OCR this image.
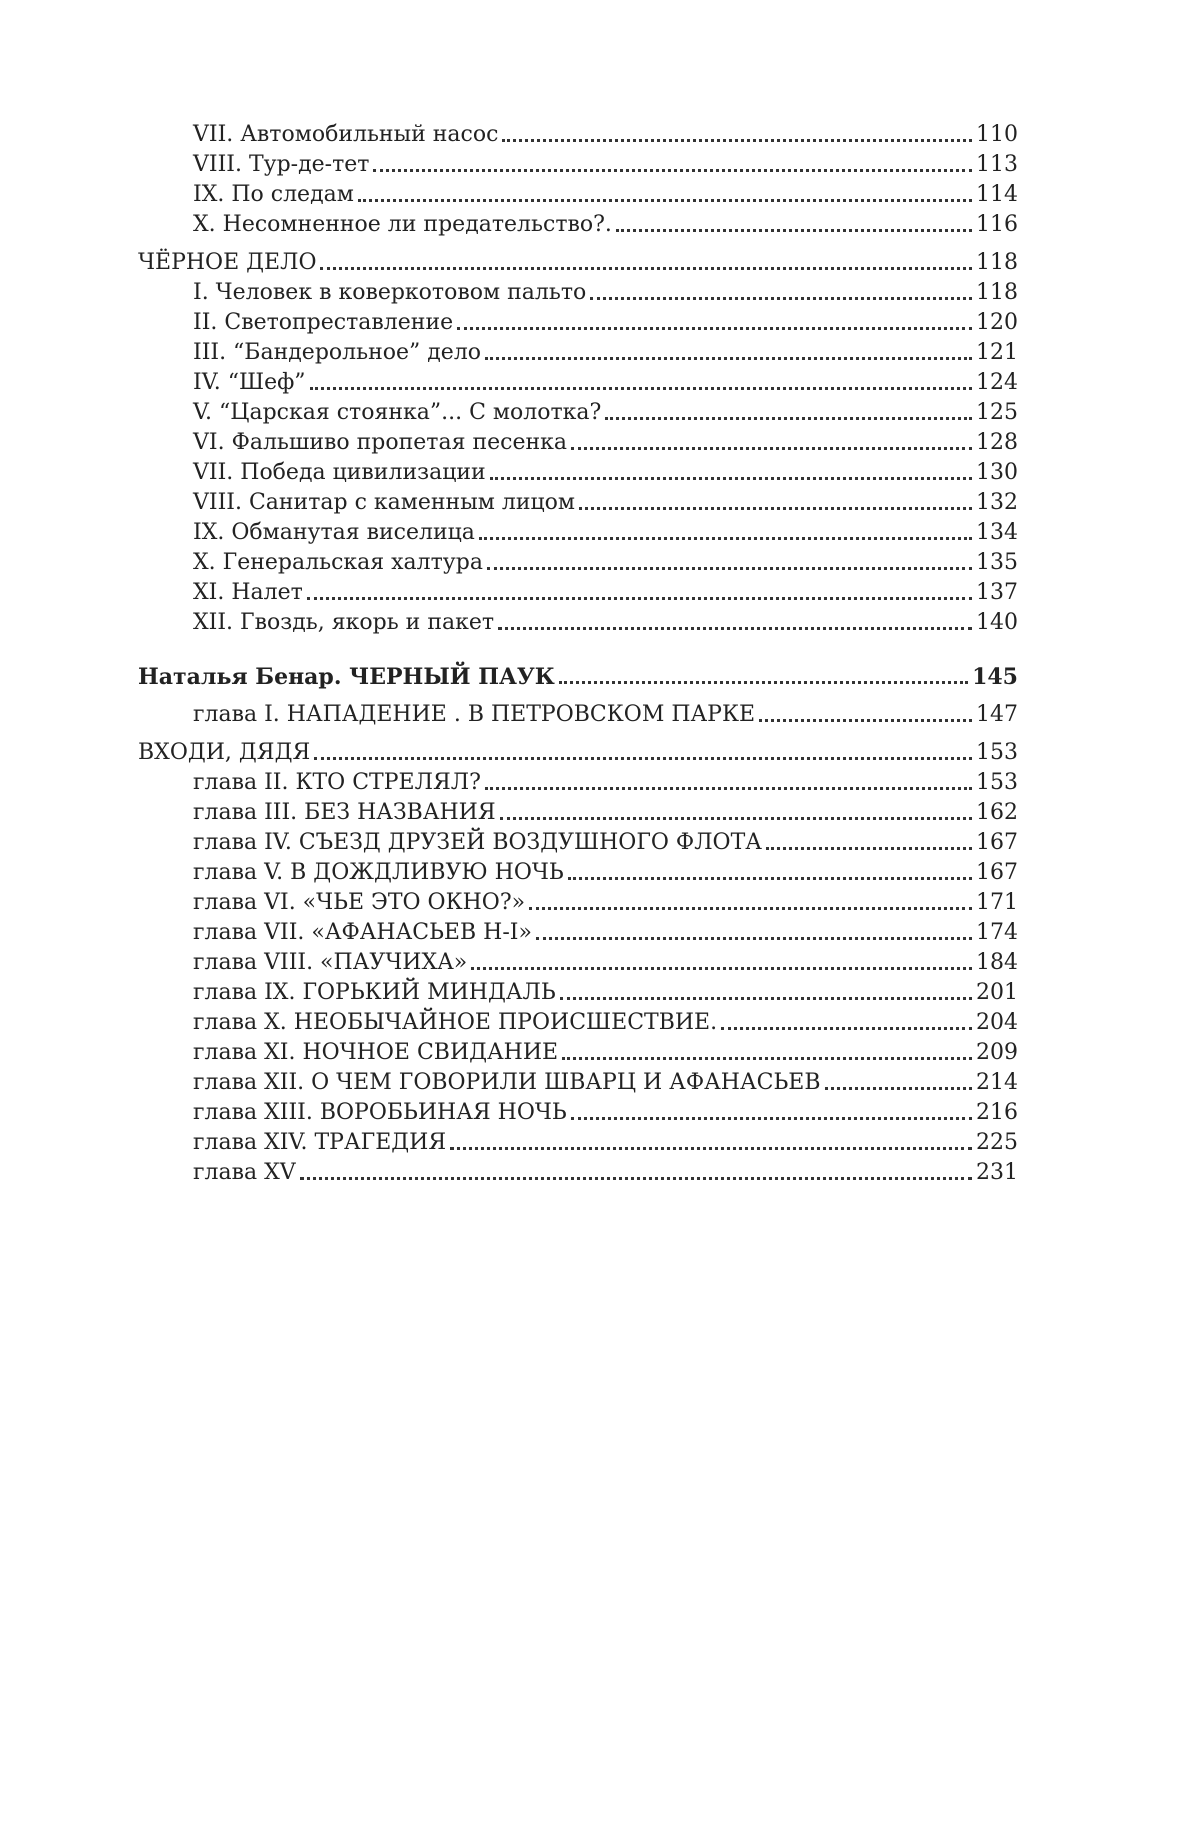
VII. Автомобильный насос	110
VIII. Тур-де-тет	113
IX. По следам	114
X. Несомненное ли предательство?.	116
ЧЁРНОЕ ДЕЛО	118
I. Человек в коверкотовом пальто	118
II. Светопреставление	120
III. “Бандерольное” дело	121
IV. “Шеф”	124
V. “Царская стоянка”... С молотка?	125
VI. Фальшиво пропетая песенка	128
VII. Победа цивилизации	130
VIII. Санитар с каменным лицом	132
IX. Обманутая виселица	134
X. Генеральская халтура	135
XI. Налет	137
XII. Гвоздь, якорь и пакет	140
Наталья Бенар. ЧЕРНЫЙ ПАУК	145
глава I. НАПАДЕНИЕ . В ПЕТРОВСКОМ ПАРКЕ	147
ВХОДИ, ДЯДЯ	153
глава II. КТО СТРЕЛЯЛ?	153
глава III. БЕЗ НАЗВАНИЯ	162
глава IV. СЪЕЗД ДРУЗЕЙ ВОЗДУШНОГО ФЛОТА	167
глава V. В ДОЖДЛИВУЮ НОЧЬ	167
глава VI. «ЧЬЕ ЭТО ОКНО?»	171
глава VII. «АФАНАСЬЕВ Н-I»	174
глава VIII. «ПАУЧИХА»	184
глава IX. ГОРЬКИЙ МИНДАЛЬ	201
глава X. НЕОБЫЧАЙНОЕ ПРОИСШЕСТВИЕ.	204
глава XI. НОЧНОЕ СВИДАНИЕ	209
глава XII. О ЧЕМ ГОВОРИЛИ ШВАРЦ И АФАНАСЬЕВ	214
глава XIII. ВОРОБЬИНАЯ НОЧЬ	216
глава XIV. ТРАГЕДИЯ	225
глава XV	231
